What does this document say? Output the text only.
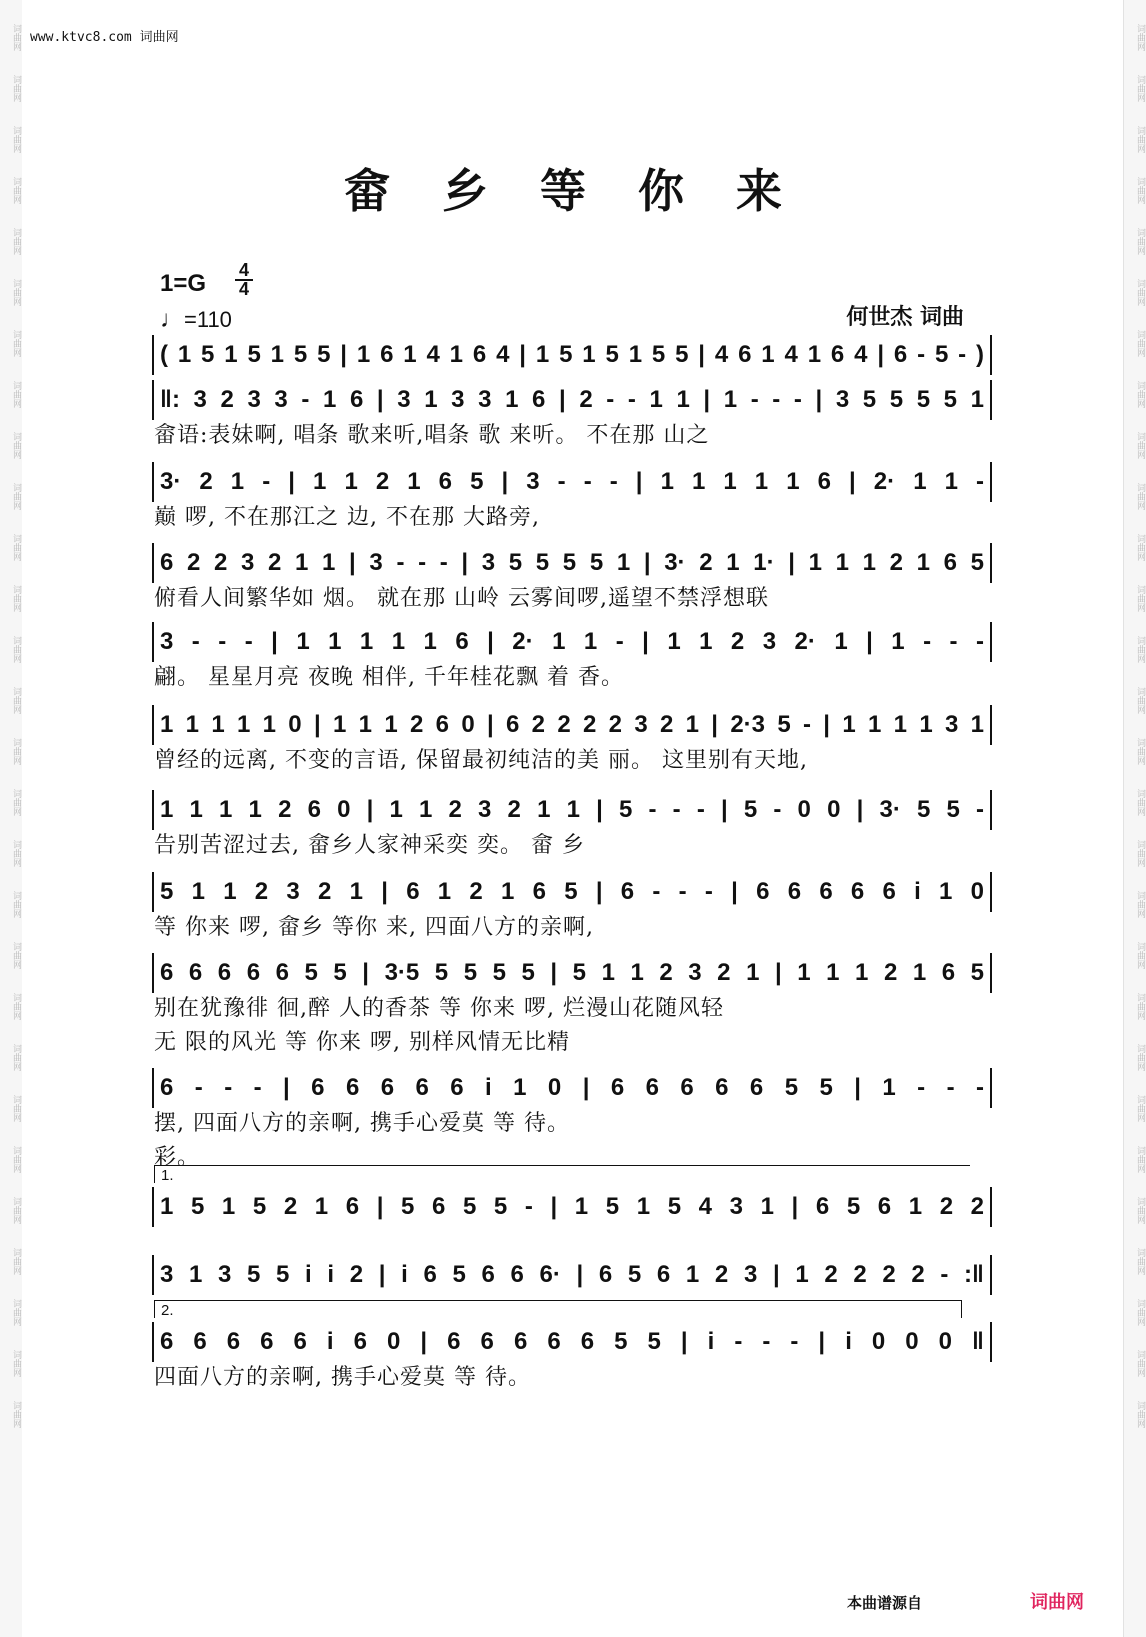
词曲网
词曲网
词曲网
词曲网
词曲网
词曲网
词曲网
词曲网
词曲网
词曲网
词曲网
词曲网
词曲网
词曲网
词曲网
词曲网
词曲网
词曲网
词曲网
词曲网
词曲网
词曲网
词曲网
词曲网
词曲网
词曲网
词曲网
词曲网
词曲网
词曲网
词曲网
词曲网
词曲网
词曲网
词曲网
词曲网
词曲网
词曲网
词曲网
词曲网
词曲网
词曲网
词曲网
词曲网
词曲网
词曲网
词曲网
词曲网
词曲网
词曲网
词曲网
词曲网
词曲网
词曲网
词曲网
词曲网
www.ktvc8.com 词曲网
畲 乡 等 你 来
1=G 4
4
♩=110	何世杰 词曲
( 1 5 1 5 1 5 5 | 1 6 1 4 1 6 4 | 1 5 1 5 1 5 5 | 4 6 1 4 1 6 4 | 6 - 5 - )
‖: 3 2 3 3 - 1 6 | 3 1 3 3 1 6 | 2 - - 1 1 | 1 - - - | 3 5 5 5 5 1
畲语:表妹啊, 唱条 歌来听,唱条 歌 来听。 不在那 山之
3· 2 1 - | 1 1 2 1 6 5 | 3 - - - | 1 1 1 1 1 6 | 2· 1 1 -
巅 啰, 不在那江之 边, 不在那 大路旁,
6 2 2 3 2 1 1 | 3 - - - | 3 5 5 5 5 1 | 3· 2 1 1· | 1 1 1 2 1 6 5
俯看人间繁华如 烟。 就在那 山岭 云雾间啰,遥望不禁浮想联
3 - - - | 1 1 1 1 1 6 | 2· 1 1 - | 1 1 2 3 2· 1 | 1 - - -
翩。 星星月亮 夜晚 相伴, 千年桂花飘 着 香。
1 1 1 1 1 0 | 1 1 1 2 6 0 | 6 2 2 2 2 3 2 1 | 2·3 5 - | 1 1 1 1 3 1
曾经的远离, 不变的言语, 保留最初纯洁的美 丽。 这里别有天地,
1 1 1 1 2 6 0 | 1 1 2 3 2 1 1 | 5 - - - | 5 - 0 0 | 3· 5 5 -
告别苦涩过去, 畲乡人家神采奕 奕。 畲 乡
5 1 1 2 3 2 1 | 6 1 2 1 6 5 | 6 - - - | 6 6 6 6 6 i 1 0
等 你来 啰, 畲乡 等你 来, 四面八方的亲啊,
6 6 6 6 6 5 5 | 3·5 5 5 5 5 | 5 1 1 2 3 2 1 | 1 1 1 2 1 6 5
别在犹豫徘 徊,醉 人的香茶 等 你来 啰, 烂漫山花随风轻
无 限的风光 等 你来 啰, 别样风情无比精
6 - - - | 6 6 6 6 6 i 1 0 | 6 6 6 6 6 5 5 | 1 - - -
摆, 四面八方的亲啊, 携手心爱莫 等 待。
彩。
1.
1 5 1 5 2 1 6 | 5 6 5 5 - | 1 5 1 5 4 3 1 | 6 5 6 1 2 2
3 1 3 5 5 i i 2 | i 6 5 6 6 6· | 6 5 6 1 2 3 | 1 2 2 2 2 - :‖
2.
6 6 6 6 6 i 6 0 | 6 6 6 6 6 5 5 | i - - - | i 0 0 0 ‖
四面八方的亲啊, 携手心爱莫 等 待。
本曲谱源自	词曲网
